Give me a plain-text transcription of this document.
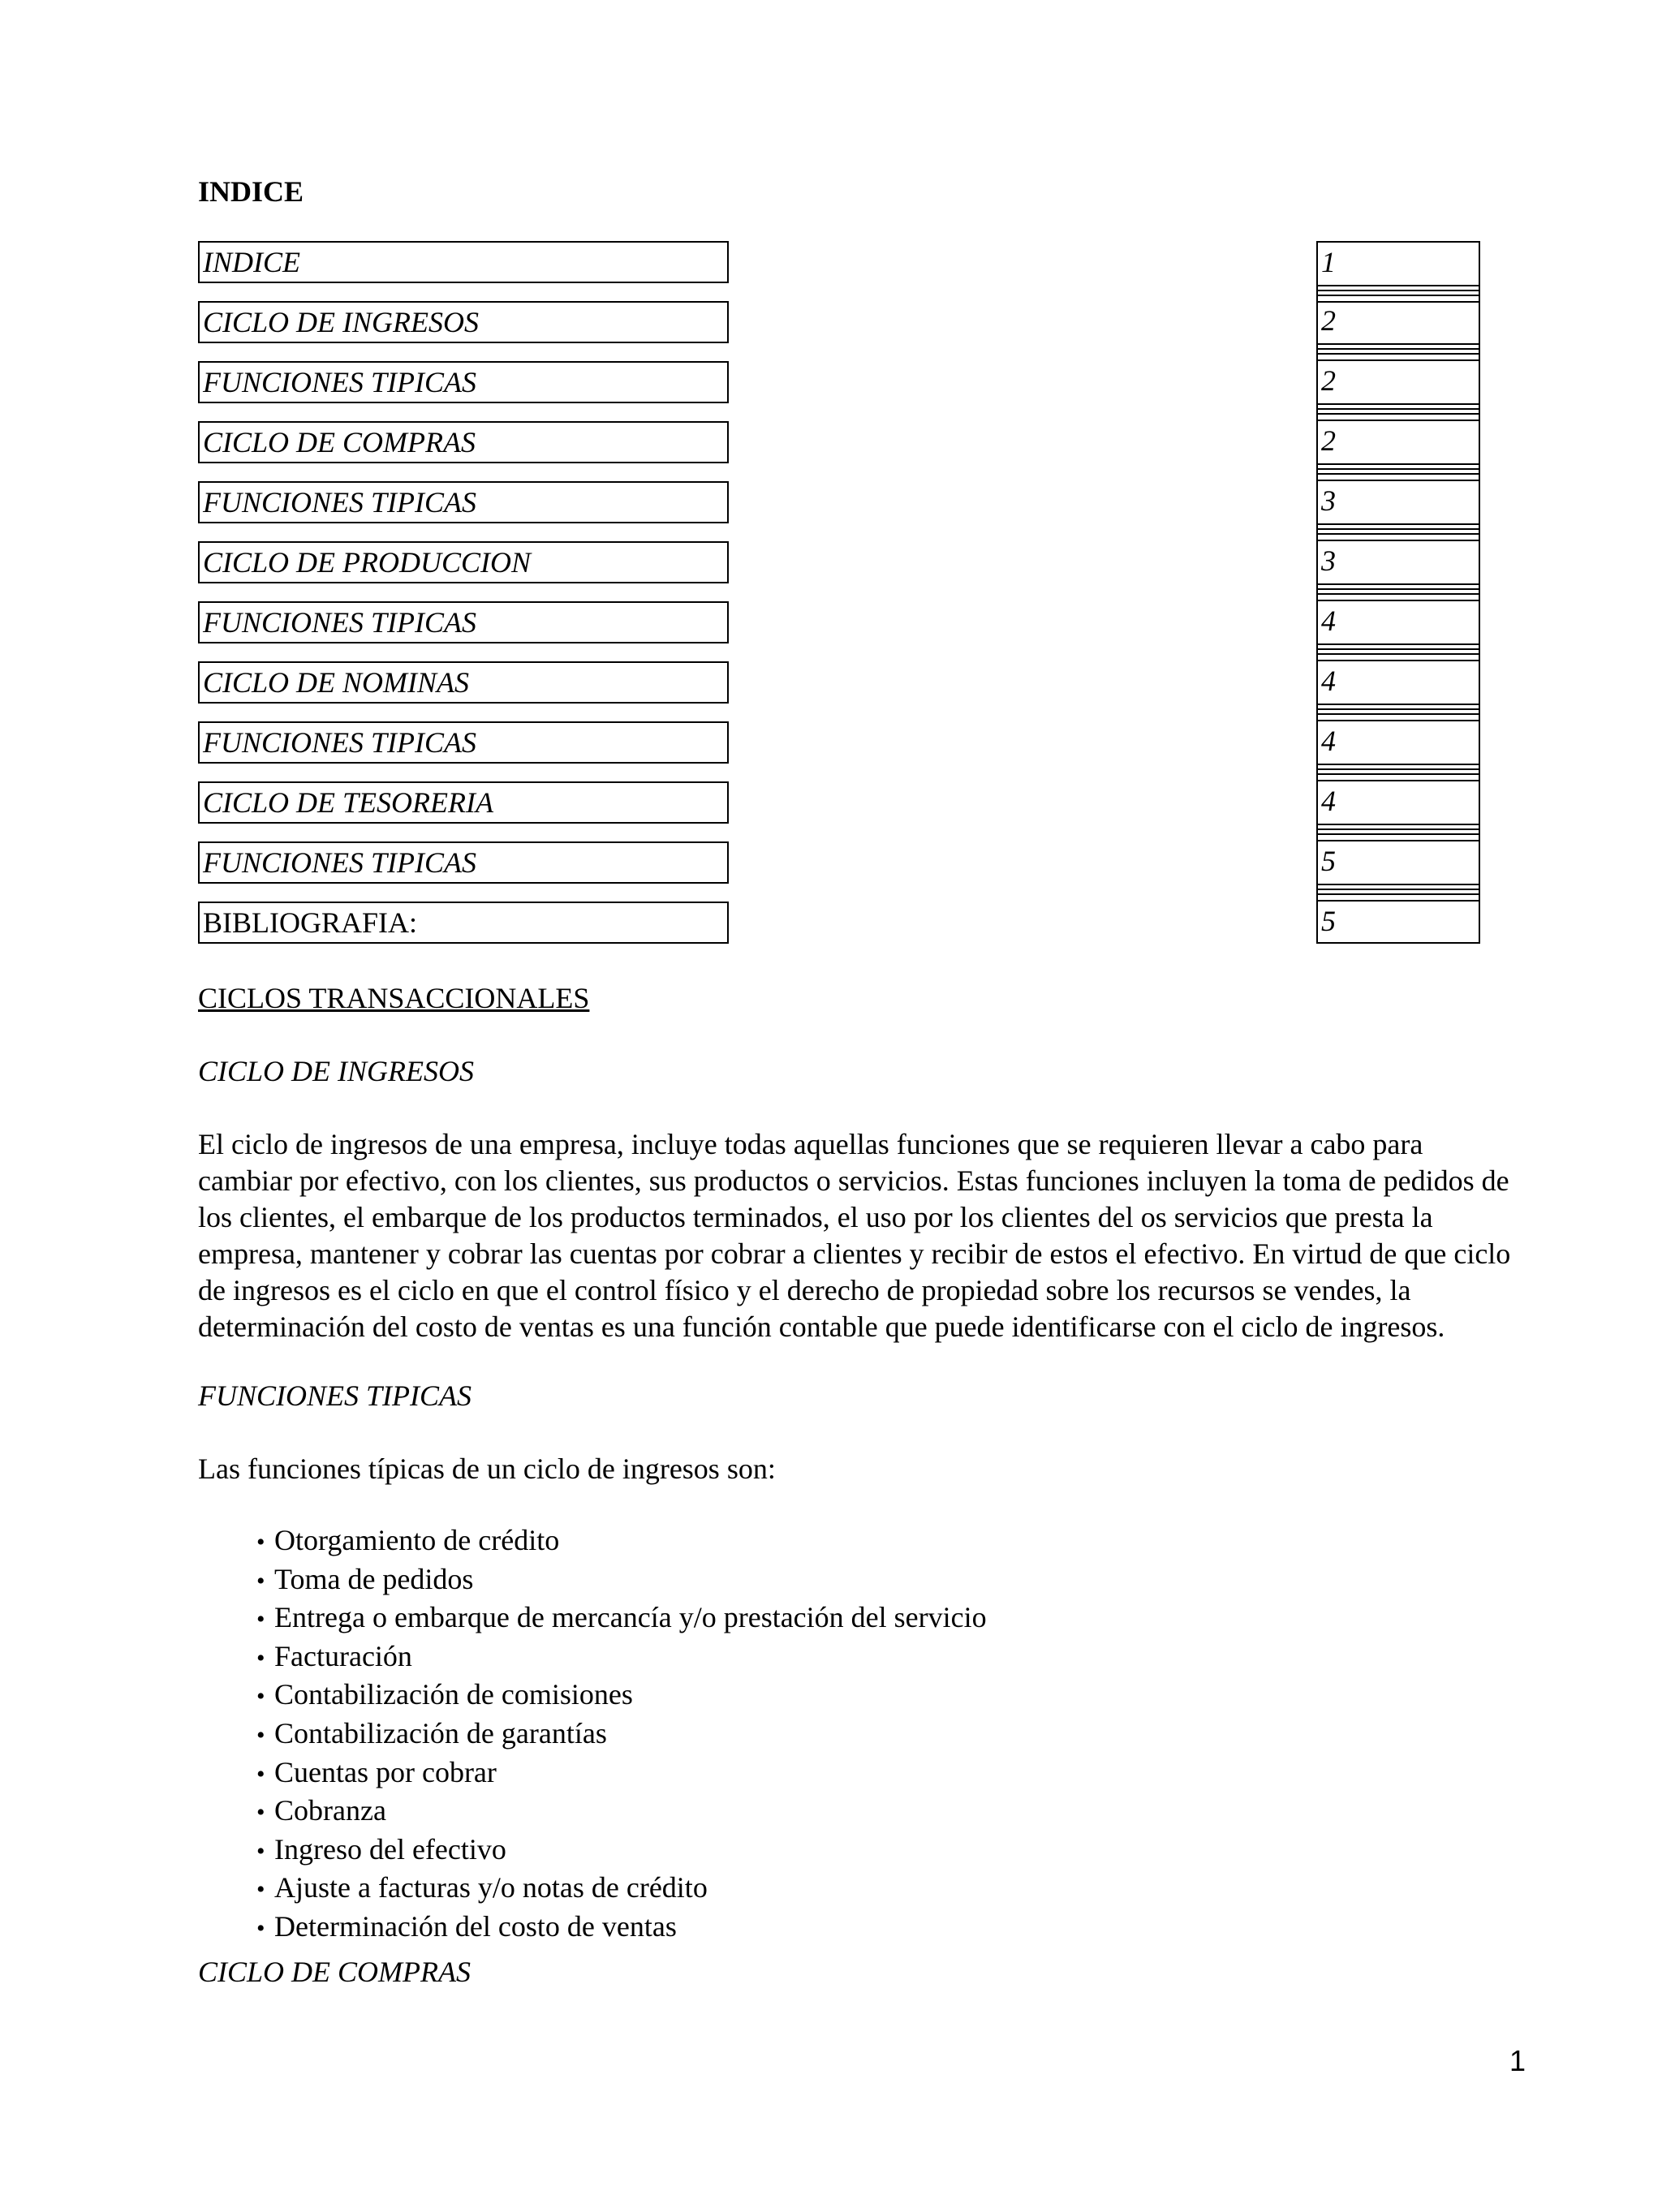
INDICE
INDICE	1
CICLO DE INGRESOS	2
FUNCIONES TIPICAS	2
CICLO DE COMPRAS	2
FUNCIONES TIPICAS	3
CICLO DE PRODUCCION	3
FUNCIONES TIPICAS	4
CICLO DE NOMINAS	4
FUNCIONES TIPICAS	4
CICLO DE TESORERIA	4
FUNCIONES TIPICAS	5
BIBLIOGRAFIA:	5
CICLOS TRANSACCIONALES
CICLO DE INGRESOS
El ciclo de ingresos de una empresa, incluye todas aquellas funciones que se requieren llevar a cabo para cambiar por efectivo, con los clientes, sus productos o servicios. Estas funciones incluyen la toma de pedidos de los clientes, el embarque de los productos terminados, el uso por los clientes del os servicios que presta la empresa, mantener y cobrar las cuentas por cobrar a clientes y recibir de estos el efectivo. En virtud de que ciclo de ingresos es el ciclo en que el control físico y el derecho de propiedad sobre los recursos se vendes, la determinación del costo de ventas es una función contable que puede identificarse con el ciclo de ingresos.
FUNCIONES TIPICAS
Las funciones típicas de un ciclo de ingresos son:
• Otorgamiento de crédito
• Toma de pedidos
• Entrega o embarque de mercancía y/o prestación del servicio
• Facturación
• Contabilización de comisiones
• Contabilización de garantías
• Cuentas por cobrar
• Cobranza
• Ingreso del efectivo
• Ajuste a facturas y/o notas de crédito
• Determinación del costo de ventas
CICLO DE COMPRAS
1
